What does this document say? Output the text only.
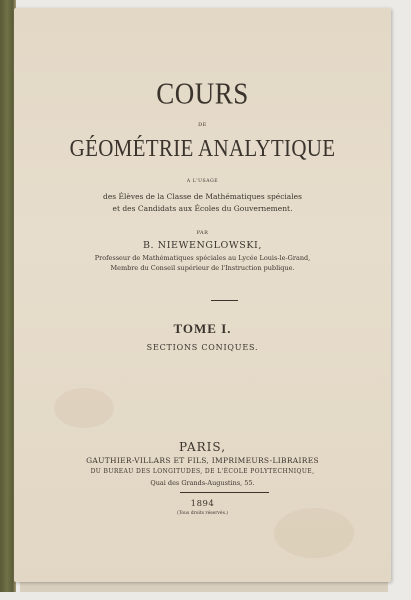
COURS
DE
GÉOMÉTRIE ANALYTIQUE
A L'USAGE
des Élèves de la Classe de Mathématiques spéciales
et des Candidats aux Écoles du Gouvernement.
PAR
B. NIEWENGLOWSKI,
Professeur de Mathématiques spéciales au Lycée Louis-le-Grand,
Membre du Conseil supérieur de l'Instruction publique.
TOME I.
SECTIONS CONIQUES.
PARIS,
GAUTHIER-VILLARS ET FILS, IMPRIMEURS-LIBRAIRES
DU BUREAU DES LONGITUDES, DE L'ÉCOLE POLYTECHNIQUE,
Quai des Grands-Augustins, 55.
1894
(Tous droits réservés.)
